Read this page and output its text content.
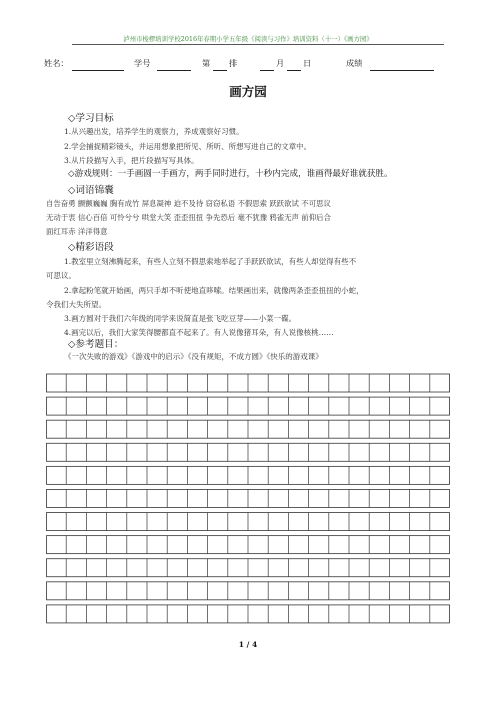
泸州市梭椤培训学校2016年春期小学五年级《阅读与习作》培训资料（十一）《画方园》
姓名：	学号	第 排	月 日	成绩
画方园
◇学习目标
1.从兴趣出发，培养学生的观察力，养成观察好习惯。
2.学会捕捉精彩镜头，并运用想象把所见、所听、所想写进自己的文章中。
3.从片段描写入手，把片段描写写具体。
◇游戏规则：一手画圆一手画方，两手同时进行，十秒内完成，谁画得最好谁就获胜。
◇词语锦囊
自告奋勇 颤颤巍巍 胸有成竹 屏息凝神 迫不及待 窃窃私语 不假思索 跃跃欲试 不可思议
无动于衷 信心百倍 可怜兮兮 哄堂大笑 歪歪扭扭 争先恐后 毫不犹豫 鸦雀无声 前仰后合
面红耳赤 洋洋得意
◇精彩语段
1.教室里立刻沸腾起来，有些人立刻不假思索地举起了手跃跃欲试，有些人却觉得有些不
可思议。
2.拿起粉笔就开始画，两只手却不听使地直哆嗦。结果画出来，就像两条歪歪扭扭的小蛇，
令我们大失所望。
3.画方圆对于我们六年级的同学来说简直是张飞吃豆芽——小菜一碟。
4.画完以后，我们大家笑得腰都直不起来了。有人说像猪耳朵，有人说像核桃……
1 / 4
◇参考题目：
《一次失败的游戏》《游戏中的启示》《没有规矩，不成方圆》《快乐的游戏课》
